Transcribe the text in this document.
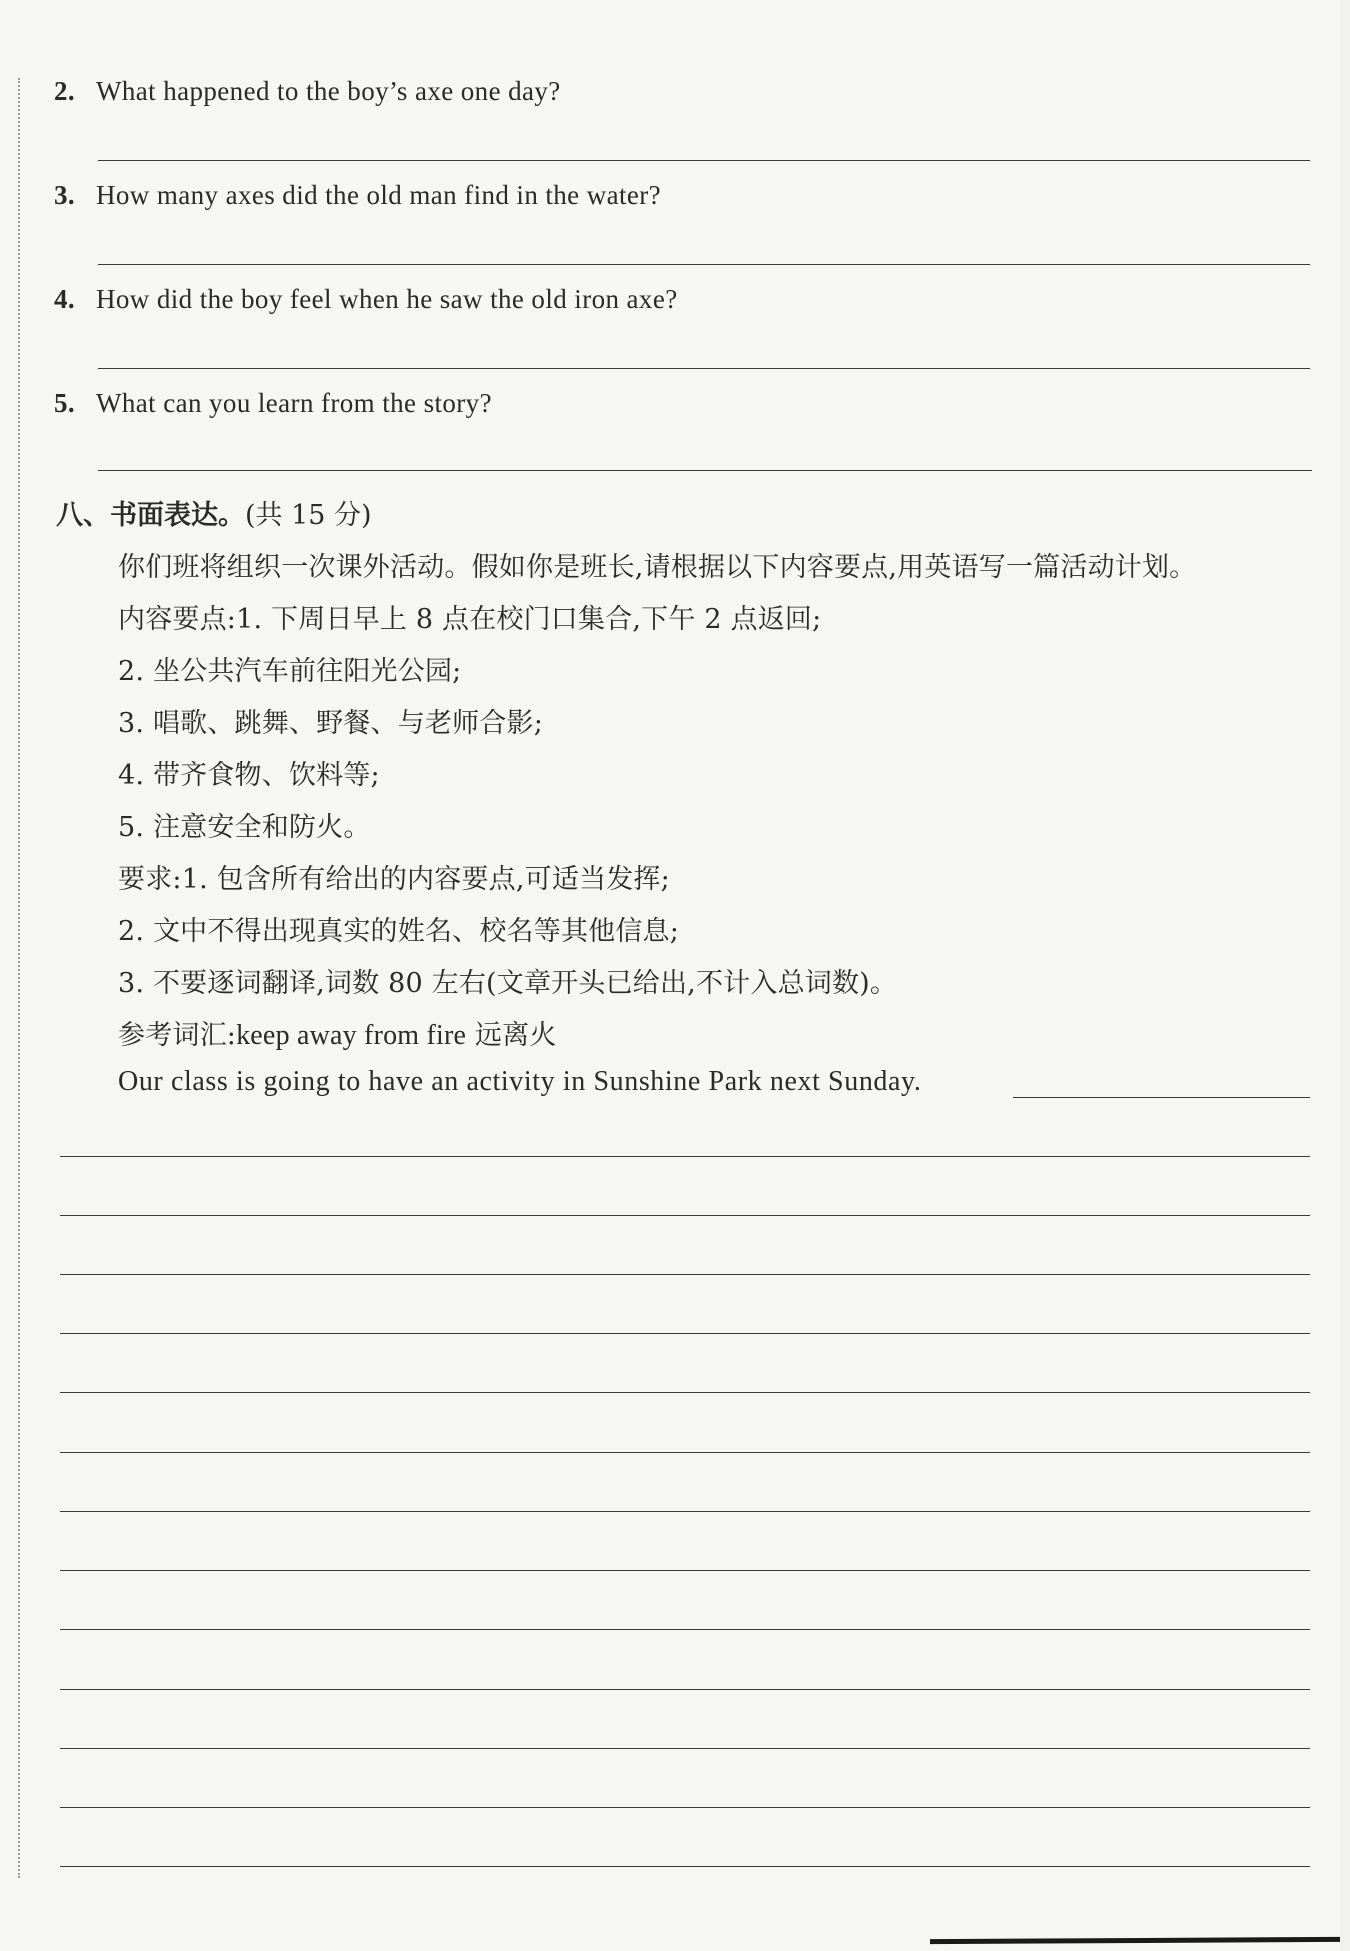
2. What happened to the boy’s axe one day?
3. How many axes did the old man find in the water?
4. How did the boy feel when he saw the old iron axe?
5. What can you learn from the story?
八、书面表达。(共 15 分)
你们班将组织一次课外活动。假如你是班长,请根据以下内容要点,用英语写一篇活动计划。
内容要点:1. 下周日早上 8 点在校门口集合,下午 2 点返回;
2. 坐公共汽车前往阳光公园;
3. 唱歌、跳舞、野餐、与老师合影;
4. 带齐食物、饮料等;
5. 注意安全和防火。
要求:1. 包含所有给出的内容要点,可适当发挥;
2. 文中不得出现真实的姓名、校名等其他信息;
3. 不要逐词翻译,词数 80 左右(文章开头已给出,不计入总词数)。
参考词汇:keep away from fire 远离火
Our class is going to have an activity in Sunshine Park next Sunday.
